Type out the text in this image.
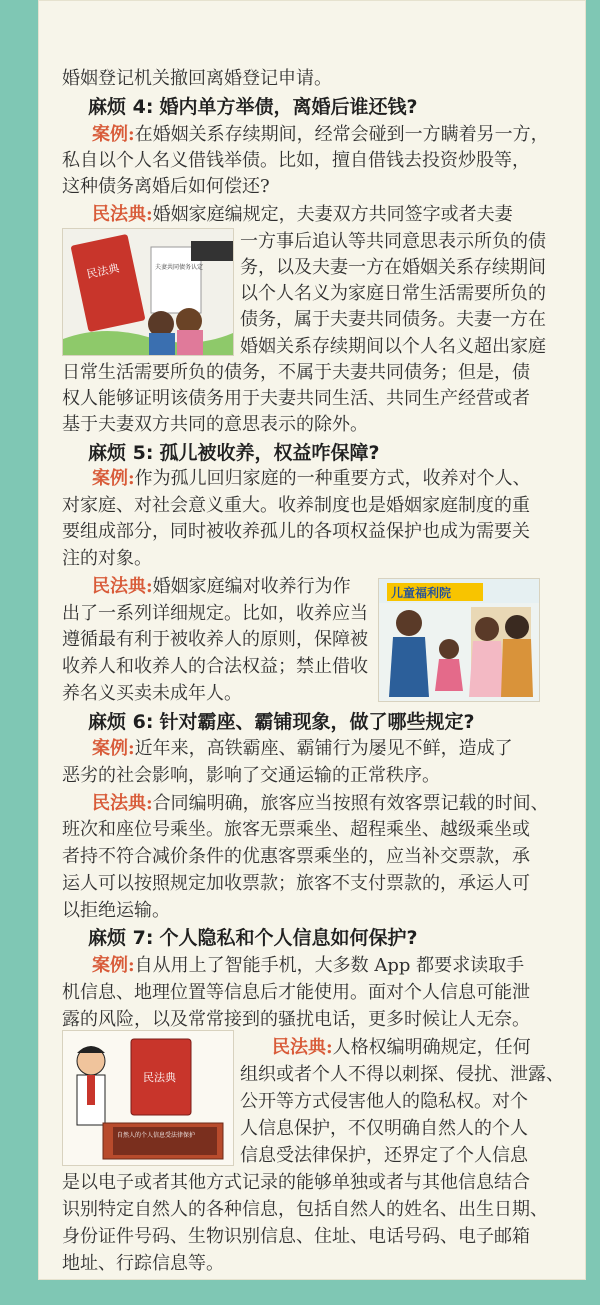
婚姻登记机关撤回离婚登记申请。
麻烦 4: 婚内单方举债，离婚后谁还钱?
案例:在婚姻关系存续期间，经常会碰到一方瞒着另一方，
私自以个人名义借钱举债。比如，擅自借钱去投资炒股等，
这种债务离婚后如何偿还?
民法典:婚姻家庭编规定，夫妻双方共同签字或者夫妻
一方事后追认等共同意思表示所负的债
务，以及夫妻一方在婚姻关系存续期间
以个人名义为家庭日常生活需要所负的
债务，属于夫妻共同债务。夫妻一方在
婚姻关系存续期间以个人名义超出家庭
日常生活需要所负的债务，不属于夫妻共同债务；但是，债
权人能够证明该债务用于夫妻共同生活、共同生产经营或者
基于夫妻双方共同的意思表示的除外。
民法典	夫妻共同债务认定
麻烦 5: 孤儿被收养，权益咋保障?
案例:作为孤儿回归家庭的一种重要方式，收养对个人、
对家庭、对社会意义重大。收养制度也是婚姻家庭制度的重
要组成部分，同时被收养孤儿的各项权益保护也成为需要关
注的对象。
民法典:婚姻家庭编对收养行为作
出了一系列详细规定。比如，收养应当
遵循最有利于被收养人的原则，保障被
收养人和收养人的合法权益；禁止借收
养名义买卖未成年人。
儿童福利院
麻烦 6: 针对霸座、霸铺现象，做了哪些规定?
案例:近年来，高铁霸座、霸铺行为屡见不鲜，造成了
恶劣的社会影响，影响了交通运输的正常秩序。
民法典:合同编明确，旅客应当按照有效客票记载的时间、
班次和座位号乘坐。旅客无票乘坐、超程乘坐、越级乘坐或
者持不符合减价条件的优惠客票乘坐的，应当补交票款，承
运人可以按照规定加收票款；旅客不支付票款的，承运人可
以拒绝运输。
麻烦 7: 个人隐私和个人信息如何保护?
案例:自从用上了智能手机，大多数 App 都要求读取手
机信息、地理位置等信息后才能使用。面对个人信息可能泄
露的风险，以及常常接到的骚扰电话，更多时候让人无奈。
民法典:人格权编明确规定，任何
组织或者个人不得以刺探、侵扰、泄露、
公开等方式侵害他人的隐私权。对个
人信息保护，不仅明确自然人的个人
信息受法律保护，还界定了个人信息
是以电子或者其他方式记录的能够单独或者与其他信息结合
识别特定自然人的各种信息，包括自然人的姓名、出生日期、
身份证件号码、生物识别信息、住址、电话号码、电子邮箱
地址、行踪信息等。
民法典
自然人的个人信息受法律保护
